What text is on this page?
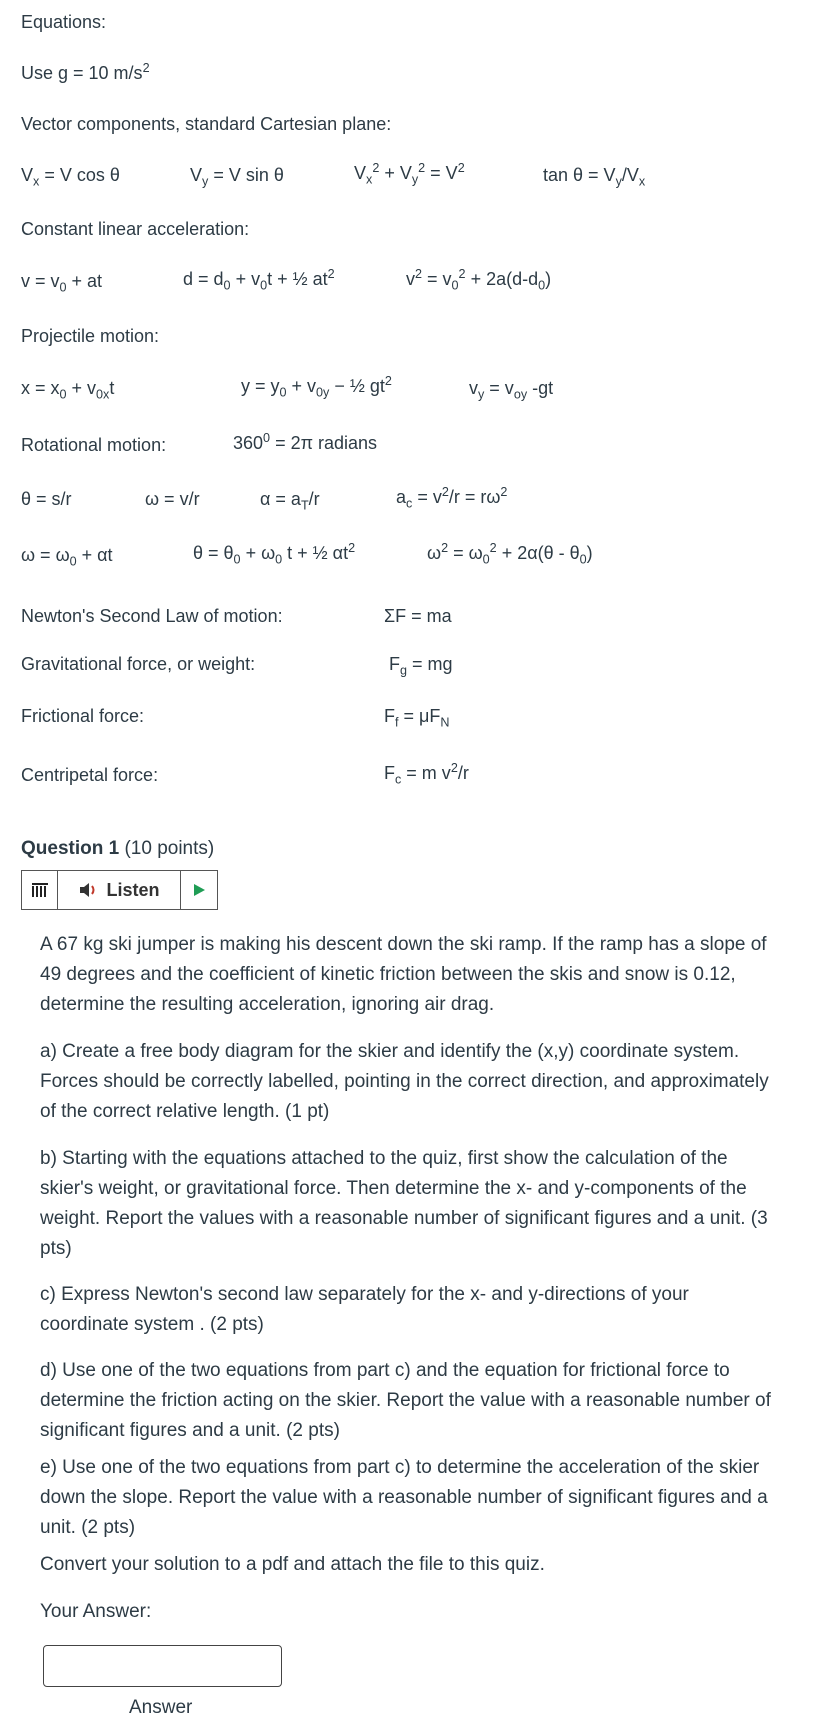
Equations:
Use g = 10 $m/s^2$
Vector components, standard Cartesian plane:
$V_x = V$ cos θ	$V_y = V$ sin θ	$V_x^2 + V_y^2 = V^2$	$\tan \theta = V_y/V_x$
Constant linear acceleration:
$v = v_0$ + at	$d = d_0 + v_0t$ + ½ $at^2$	$v^2 = v_0^2 + 2a(d-d_0)$
Projectile motion:
$x = x_0 + v_{0x}t$	$y = y_0 + v_{0y}$ − ½ $gt^2$	$v_y = v_{oy}$ -gt
Rotational motion:	$360^0 = 2\pi$ radians
θ = s/r	ω = v/r	$\alpha = a_T/r$	$a_c = v^2/r = r\omega^2$
$\omega = \omega_0 + \alpha t$	$\theta = \theta_0 + \omega_0$ t + ½ $\alpha t^2$	$\omega^2 = \omega_0^2 + 2\alpha(\theta - \theta_0)$
Newton's Second Law of motion:	ΣF = ma
Gravitational force, or weight:	$F_g$ = mg
Frictional force:	$F_f = \mu F_N$
Centripetal force:	$F_c = m$ $v^2/r$
Question 1 (10 points)
Listen
A 67 kg ski jumper is making his descent down the ski ramp. If the ramp has a slope of 49 degrees and the coefficient of kinetic friction between the skis and snow is 0.12, determine the resulting acceleration, ignoring air drag.
a) Create a free body diagram for the skier and identify the (x,y) coordinate system. Forces should be correctly labelled, pointing in the correct direction, and approximately of the correct relative length. (1 pt)
b) Starting with the equations attached to the quiz, first show the calculation of the skier's weight, or gravitational force. Then determine the x- and y-components of the weight. Report the values with a reasonable number of significant figures and a unit. (3 pts)
c) Express Newton's second law separately for the x- and y-directions of your coordinate system . (2 pts)
d) Use one of the two equations from part c) and the equation for frictional force to determine the friction acting on the skier. Report the value with a reasonable number of significant figures and a unit. (2 pts)
e) Use one of the two equations from part c) to determine the acceleration of the skier down the slope. Report the value with a reasonable number of significant figures and a unit. (2 pts)
Convert your solution to a pdf and attach the file to this quiz.
Your Answer:
Answer
